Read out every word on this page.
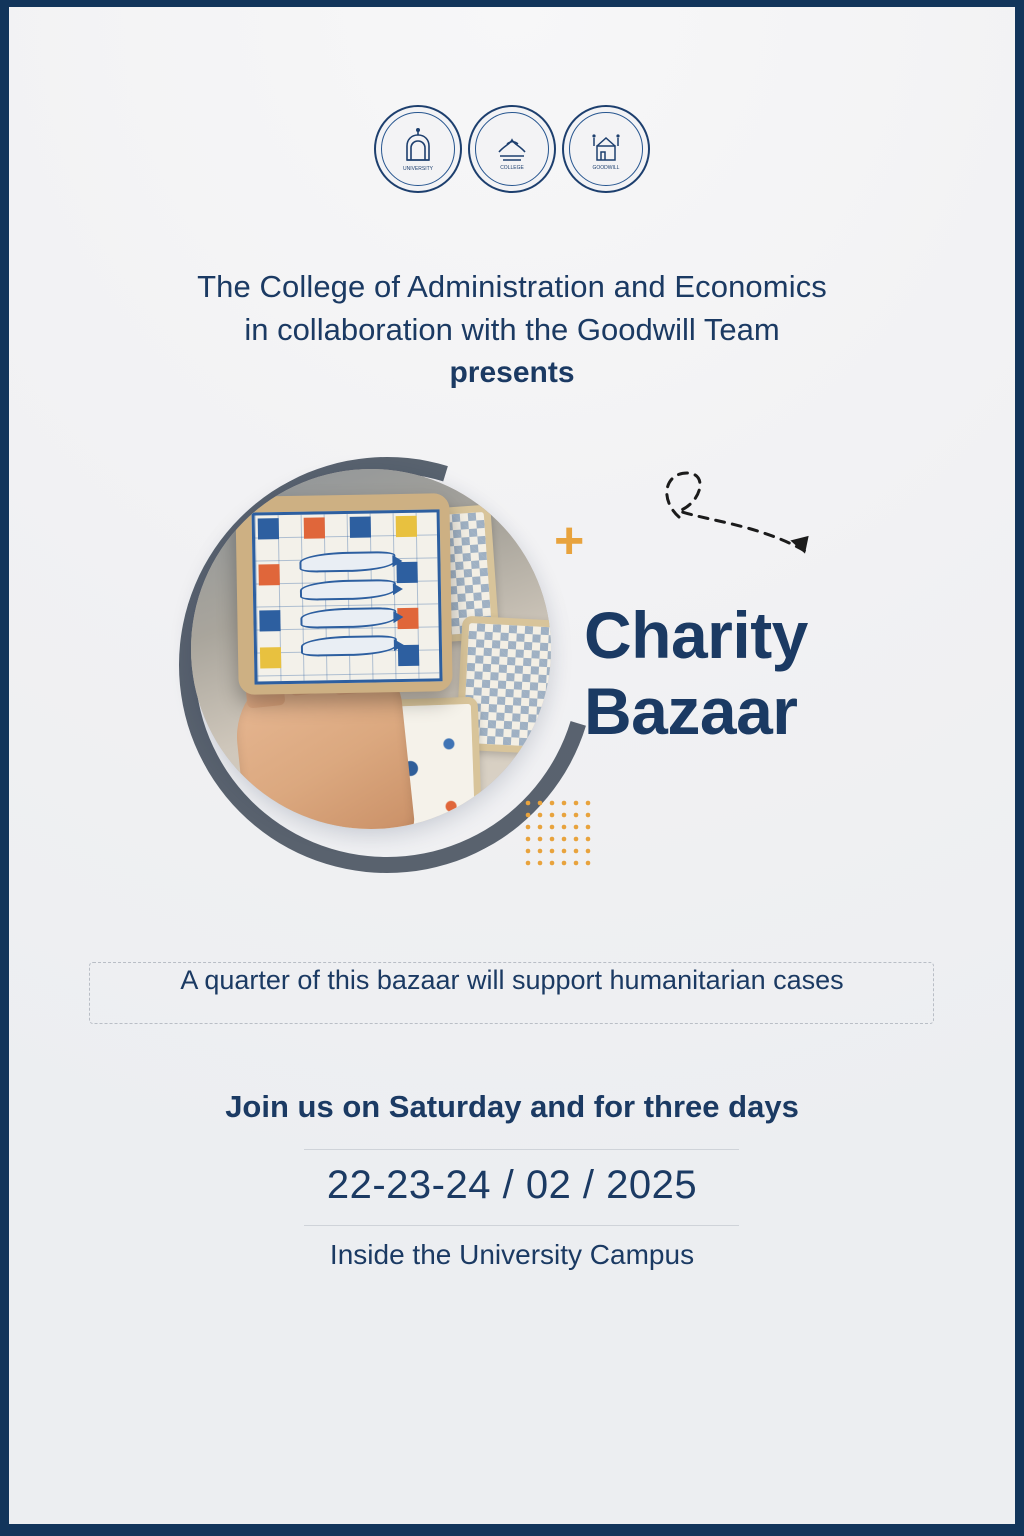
UNIVERSITY	COLLEGE	GOODWILL
The College of Administration and Economics
in collaboration with the Goodwill Team
presents
+
Charity
Bazaar
A quarter of this bazaar will support humanitarian cases
Join us on Saturday and for three days
22-23-24 / 02 / 2025
Inside the University Campus
